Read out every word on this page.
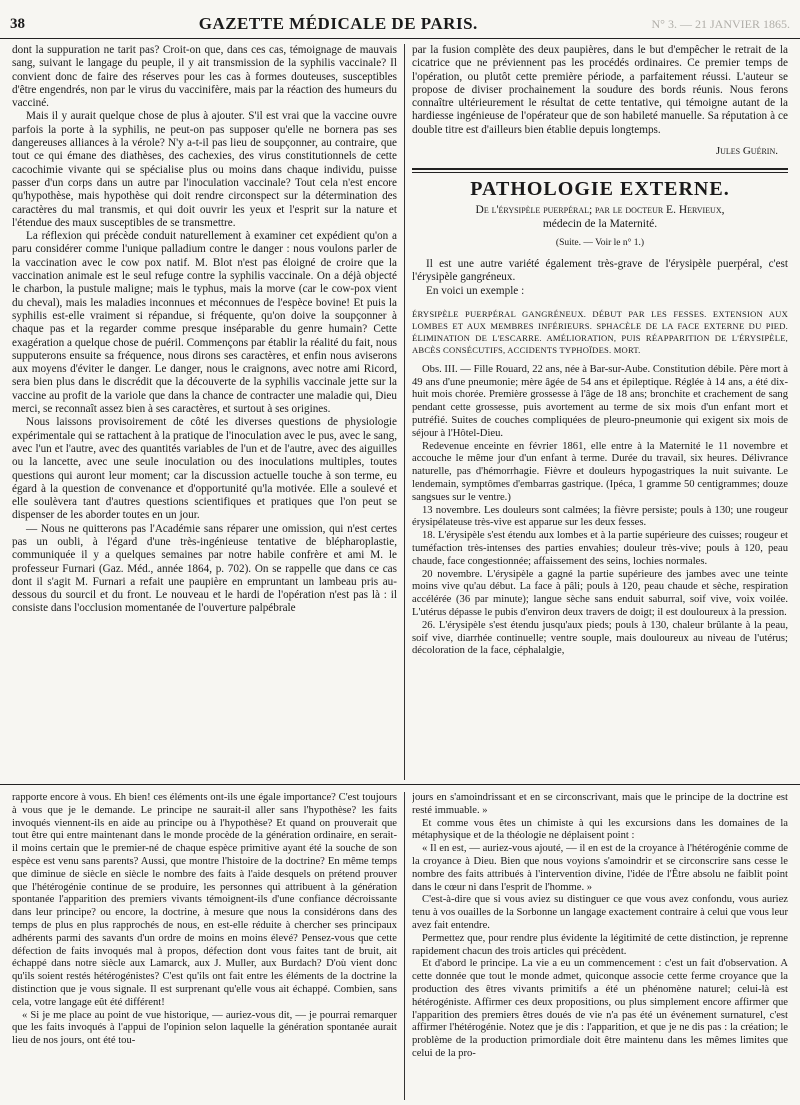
38	GAZETTE MÉDICALE DE PARIS.	N° 3. — 21 JANVIER 1865.

dont la suppuration ne tarit pas? Croit-on que, dans ces cas, témoignage de mauvais sang, suivant le langage du peuple, il y ait transmission de la syphilis vaccinale? Il convient donc de faire des réserves pour les cas à formes douteuses, susceptibles d'être engendrés, non par le virus du vaccinifère, mais par la réaction des humeurs du vacciné.

Mais il y aurait quelque chose de plus à ajouter. S'il est vrai que la vaccine ouvre parfois la porte à la syphilis, ne peut-on pas supposer qu'elle ne bornera pas ses dangereuses alliances à la vérole? N'y a-t-il pas lieu de soupçonner, au contraire, que tout ce qui émane des diathèses, des cachexies, des virus constitutionnels de cette cacochimie vivante qui se spécialise plus ou moins dans chaque individu, puisse passer d'un corps dans un autre par l'inoculation vaccinale? Tout cela n'est encore qu'hypothèse, mais hypothèse qui doit rendre circonspect sur la détermination des caractères du mal transmis, et qui doit ouvrir les yeux et l'esprit sur la nature et l'étendue des maux susceptibles de se transmettre.

La réflexion qui précède conduit naturellement à examiner cet expédient qu'on a paru considérer comme l'unique palladium contre le danger : nous voulons parler de la vaccination avec le cow pox natif. M. Blot n'est pas éloigné de croire que la vaccination animale est le seul refuge contre la syphilis vaccinale. On a déjà objecté le charbon, la pustule maligne; mais le typhus, mais la morve (car le cow-pox vient du cheval), mais les maladies inconnues et méconnues de l'espèce bovine! Et puis la syphilis est-elle vraiment si répandue, si fréquente, qu'on doive la soupçonner à chaque pas et la regarder comme presque inséparable du genre humain? Cette exagération a quelque chose de puéril. Commençons par établir la réalité du fait, nous supputerons ensuite sa fréquence, nous dirons ses caractères, et enfin nous aviserons aux moyens d'éviter le danger. Le danger, nous le craignons, avec notre ami Ricord, sera bien plus dans le discrédit que la découverte de la syphilis vaccinale jette sur la vaccine au profit de la variole que dans la chance de contracter une maladie qui, Dieu merci, se reconnaît assez bien à ses caractères, et surtout à ses origines.

Nous laissons provisoirement de côté les diverses questions de physiologie expérimentale qui se rattachent à la pratique de l'inoculation avec le pus, avec le sang, avec l'un et l'autre, avec des quantités variables de l'un et de l'autre, avec des aiguilles ou la lancette, avec une seule inoculation ou des inoculations multiples, toutes questions qui auront leur moment; car la discussion actuelle touche à son terme, eu égard à la question de convenance et d'opportunité qu'la motivée. Elle a soulevé et elle soulèvera tant d'autres questions scientifiques et pratiques que l'on peut se dispenser de les aborder toutes en un jour.

— Nous ne quitterons pas l'Académie sans réparer une omission, qui n'est certes pas un oubli, à l'égard d'une très-ingénieuse tentative de blépharoplastie, communiquée il y a quelques semaines par notre habile confrère et ami M. le professeur Furnari (Gaz. Méd., année 1864, p. 702). On se rappelle que dans ce cas dont il s'agit M. Furnari a refait une paupière en empruntant un lambeau pris au-dessous du sourcil et du front. Le nouveau et le hardi de l'opération n'est pas là : il consiste dans l'occlusion momentanée de l'ouverture palpébrale

par la fusion complète des deux paupières, dans le but d'empêcher le retrait de la cicatrice que ne préviennent pas les procédés ordinaires. Ce premier temps de l'opération, ou plutôt cette première période, a parfaitement réussi. L'auteur se propose de diviser prochainement la soudure des bords réunis. Nous ferons connaître ultérieurement le résultat de cette tentative, qui témoigne autant de la hardiesse ingénieuse de l'opérateur que de son habileté manuelle. Sa réputation à ce double titre est d'ailleurs bien établie depuis longtemps.

Jules Guérin.
PATHOLOGIE EXTERNE.
De l'érysipèle puerpéral; par le docteur E. Hervieux,
médecin de la Maternité.
(Suite. — Voir le n° 1.)

Il est une autre variété également très-grave de l'érysipèle puerpéral, c'est l'érysipèle gangréneux.

En voici un exemple :

ÉRYSIPÈLE PUERPÉRAL GANGRÉNEUX. DÉBUT PAR LES FESSES. EXTENSION AUX LOMBES ET AUX MEMBRES INFÉRIEURS. SPHACÈLE DE LA FACE EXTERNE DU PIED. ÉLIMINATION DE L'ESCARRE. AMÉLIORATION, PUIS RÉAPPARITION DE L'ÉRYSIPÈLE, ABCÈS CONSÉCUTIFS, ACCIDENTS TYPHOÏDES. MORT.

Obs. III. — Fille Rouard, 22 ans, née à Bar-sur-Aube. Constitution débile. Père mort à 49 ans d'une pneumonie; mère âgée de 54 ans et épileptique. Réglée à 14 ans, a été dix-huit mois chorée. Première grossesse à l'âge de 18 ans; bronchite et crachement de sang pendant cette grossesse, puis avortement au terme de six mois d'un enfant mort et putréfié. Suites de couches compliquées de pleuro-pneumonie qui exigent six mois de séjour à l'Hôtel-Dieu.

Redevenue enceinte en février 1861, elle entre à la Maternité le 11 novembre et accouche le même jour d'un enfant à terme. Durée du travail, six heures. Délivrance naturelle, pas d'hémorrhagie. Fièvre et douleurs hypogastriques la nuit suivante. Le lendemain, symptômes d'embarras gastrique. (Ipéca, 1 gramme 50 centigrammes; douze sangsues sur le ventre.)

13 novembre. Les douleurs sont calmées; la fièvre persiste; pouls à 130; une rougeur érysipélateuse très-vive est apparue sur les deux fesses.

18. L'érysipèle s'est étendu aux lombes et à la partie supérieure des cuisses; rougeur et tuméfaction très-intenses des parties envahies; douleur très-vive; pouls à 120, peau chaude, face congestionnée; affaissement des seins, lochies normales.

20 novembre. L'érysipèle a gagné la partie supérieure des jambes avec une teinte moins vive qu'au début. La face à pâli; pouls à 120, peau chaude et sèche, respiration accélérée (36 par minute); langue sèche sans enduit saburral, soif vive, voix voilée. L'utérus dépasse le pubis d'environ deux travers de doigt; il est douloureux à la pression.

26. L'érysipèle s'est étendu jusqu'aux pieds; pouls à 130, chaleur brûlante à la peau, soif vive, diarrhée continuelle; ventre souple, mais douloureux au niveau de l'utérus; décoloration de la face, céphalalgie,

rapporte encore à vous. Eh bien! ces éléments ont-ils une égale importance? C'est toujours à vous que je le demande. Le principe ne saurait-il aller sans l'hypothèse? les faits invoqués viennent-ils en aide au principe ou à l'hypothèse? Et quand on prouverait que tout être qui entre maintenant dans le monde procède de la génération ordinaire, en serait-il moins certain que le premier-né de chaque espèce primitive ayant été la souche de son espèce est venu sans parents? Aussi, que montre l'histoire de la doctrine? En même temps que diminue de siècle en siècle le nombre des faits à l'aide desquels on prétend prouver que l'hétérogénie continue de se produire, les personnes qui attribuent à la génération spontanée l'apparition des premiers vivants témoignent-ils d'une confiance décroissante dans leur principe? ou encore, la doctrine, à mesure que nous la considérons dans des temps de plus en plus rapprochés de nous, en est-elle réduite à chercher ses principaux adhérents parmi des savants d'un ordre de moins en moins élevé? Pensez-vous que cette défection de faits invoqués mal à propos, défection dont vous faites tant de bruit, ait échappé dans notre siècle aux Lamarck, aux J. Muller, aux Burdach? D'où vient donc qu'ils soient restés hétérogénistes? C'est qu'ils ont fait entre les éléments de la doctrine la distinction que je vous signale. Il est surprenant qu'elle vous ait échappé. Combien, sans cela, votre langage eût été différent!

« Si je me place au point de vue historique, — auriez-vous dit, — je pourrai remarquer que les faits invoqués à l'appui de l'opinion selon laquelle la génération spontanée aurait lieu de nos jours, ont été tou-

jours en s'amoindrissant et en se circonscrivant, mais que le principe de la doctrine est resté immuable. »

Et comme vous êtes un chimiste à qui les excursions dans les domaines de la métaphysique et de la théologie ne déplaisent point :

« Il en est, — auriez-vous ajouté, — il en est de la croyance à l'hétérogénie comme de la croyance à Dieu. Bien que nous voyions s'amoindrir et se circonscrire sans cesse le nombre des faits attribués à l'intervention divine, l'idée de l'Être absolu ne faiblit point dans le cœur ni dans l'esprit de l'homme. »

C'est-à-dire que si vous aviez su distinguer ce que vous avez confondu, vous auriez tenu à vos ouailles de la Sorbonne un langage exactement contraire à celui que vous leur avez fait entendre.

Permettez que, pour rendre plus évidente la légitimité de cette distinction, je reprenne rapidement chacun des trois articles qui précèdent.

Et d'abord le principe. La vie a eu un commencement : c'est un fait d'observation. A cette donnée que tout le monde admet, quiconque associe cette ferme croyance que la production des êtres vivants primitifs a été un phénomène naturel; celui-là est hétérogéniste. Affirmer ces deux propositions, ou plus simplement encore affirmer que l'apparition des premiers êtres doués de vie n'a pas été un événement surnaturel, c'est affirmer l'hétérogénie. Notez que je dis : l'apparition, et que je ne dis pas : la création; le problème de la production primordiale doit être maintenu dans les mêmes limites que celui de la pro-
